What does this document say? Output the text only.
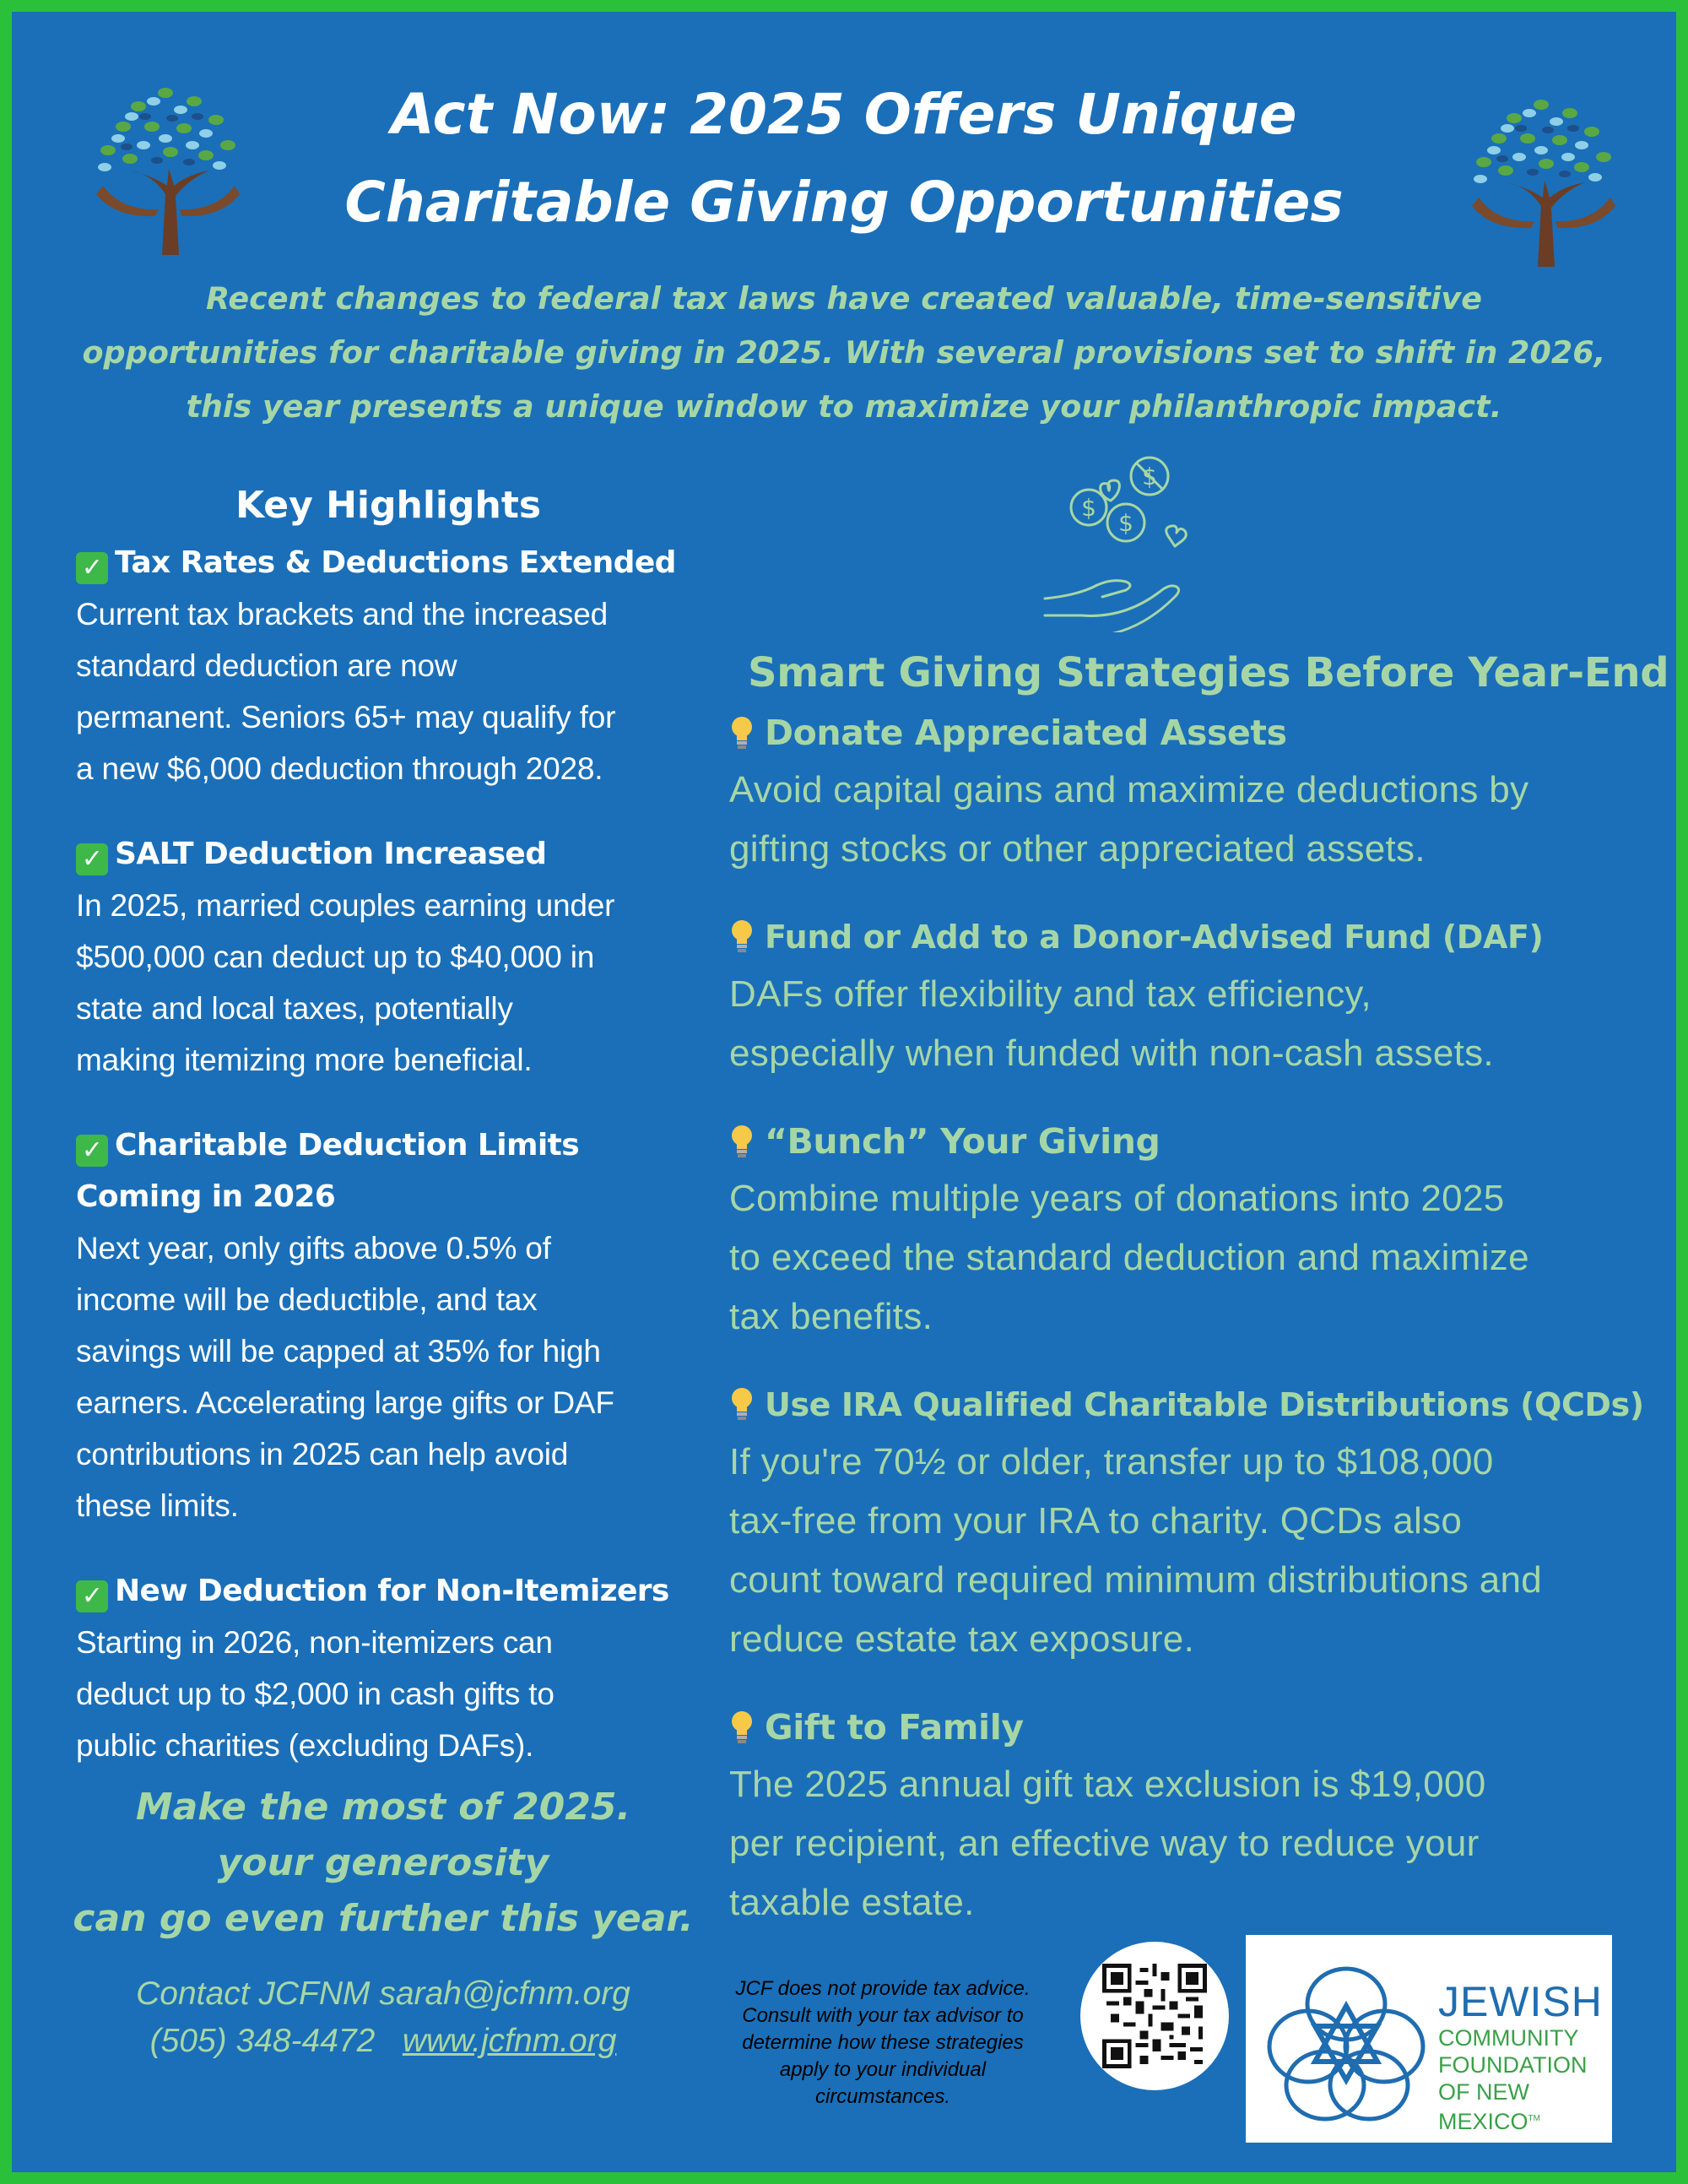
Act Now: 2025 Offers Unique
Charitable Giving Opportunities
Recent changes to federal tax laws have created valuable, time-sensitive
opportunities for charitable giving in 2025. With several provisions set to shift in 2026,
this year presents a unique window to maximize your philanthropic impact.
Key Highlights
✓ Tax Rates & Deductions Extended
Current tax brackets and the increased
standard deduction are now
permanent. Seniors 65+ may qualify for
a new $6,000 deduction through 2028.
✓ SALT Deduction Increased
In 2025, married couples earning under
$500,000 can deduct up to $40,000 in
state and local taxes, potentially
making itemizing more beneficial.
✓ Charitable Deduction Limits
Coming in 2026
Next year, only gifts above 0.5% of
income will be deductible, and tax
savings will be capped at 35% for high
earners. Accelerating large gifts or DAF
contributions in 2025 can help avoid
these limits.
✓ New Deduction for Non-Itemizers
Starting in 2026, non-itemizers can
deduct up to $2,000 in cash gifts to
public charities (excluding DAFs).
Make the most of 2025.
your generosity
can go even further this year.
Contact JCFNM sarah@jcfnm.org
(505) 348-4472 www.jcfnm.org
$
$
$
Smart Giving Strategies Before Year-End
Donate Appreciated Assets
Avoid capital gains and maximize deductions by
gifting stocks or other appreciated assets.
Fund or Add to a Donor-Advised Fund (DAF)
DAFs offer flexibility and tax efficiency,
especially when funded with non-cash assets.
“Bunch” Your Giving
Combine multiple years of donations into 2025
to exceed the standard deduction and maximize
tax benefits.
Use IRA Qualified Charitable Distributions (QCDs)
If you're 70½ or older, transfer up to $108,000
tax-free from your IRA to charity. QCDs also
count toward required minimum distributions and
reduce estate tax exposure.
Gift to Family
The 2025 annual gift tax exclusion is $19,000
per recipient, an effective way to reduce your
taxable estate.
JCF does not provide tax advice.
Consult with your tax advisor to
determine how these strategies
apply to your individual
circumstances.
JEWISH
COMMUNITY
FOUNDATION
OF NEW MEXICO™
